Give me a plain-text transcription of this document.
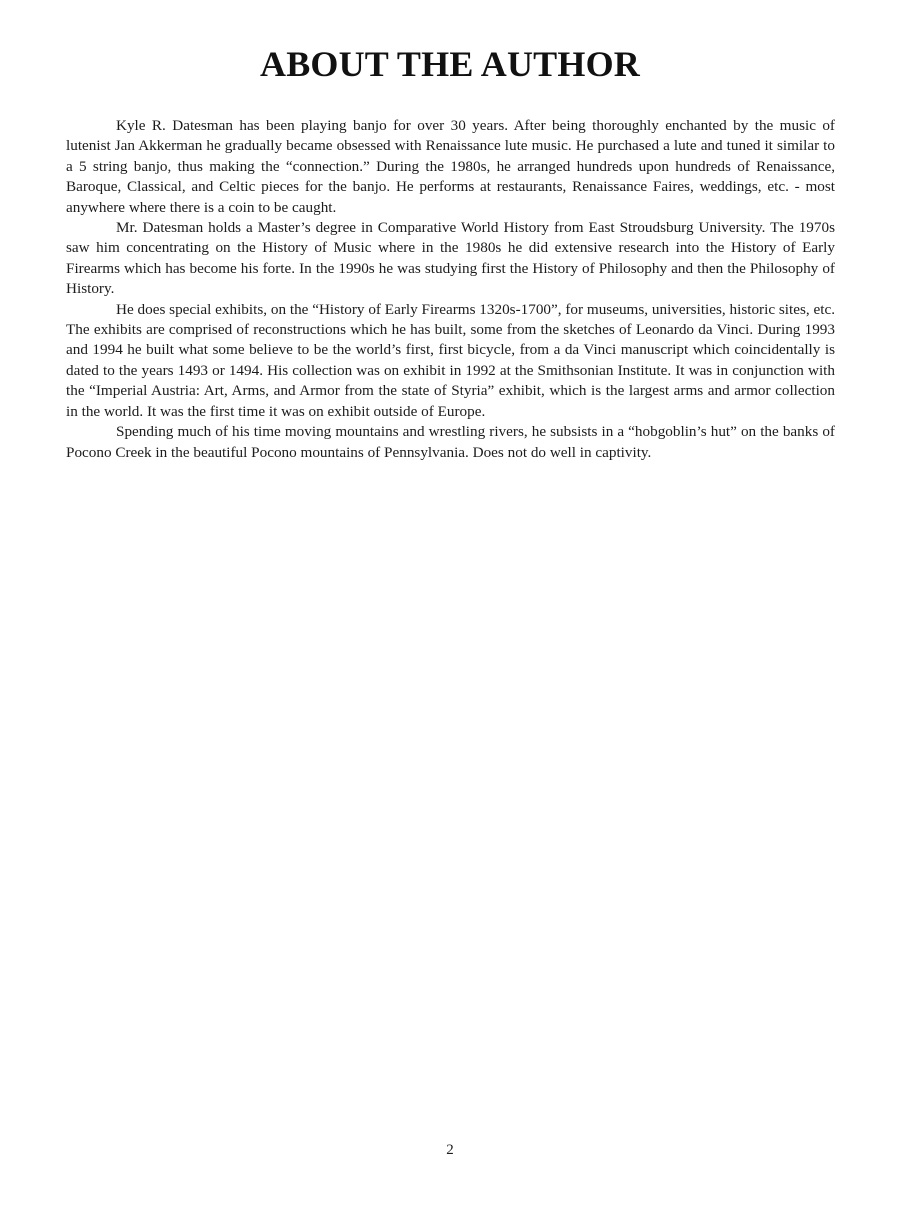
ABOUT THE AUTHOR

Kyle R. Datesman has been playing banjo for over 30 years. After being thoroughly enchanted by the music of lutenist Jan Akkerman he gradually became obsessed with Renaissance lute music. He purchased a lute and tuned it similar to a 5 string banjo, thus making the “connection.” During the 1980s, he arranged hundreds upon hundreds of Renaissance, Baroque, Classical, and Celtic pieces for the banjo. He performs at restaurants, Renaissance Faires, weddings, etc. - most anywhere where there is a coin to be caught.

Mr. Datesman holds a Master’s degree in Comparative World History from East Stroudsburg University. The 1970s saw him concentrating on the History of Music where in the 1980s he did extensive research into the History of Early Firearms which has become his forte. In the 1990s he was studying first the History of Philosophy and then the Philosophy of History.

He does special exhibits, on the “History of Early Firearms 1320s-1700”, for museums, universities, historic sites, etc. The exhibits are comprised of reconstructions which he has built, some from the sketches of Leonardo da Vinci. During 1993 and 1994 he built what some believe to be the world’s first, first bicycle, from a da Vinci manuscript which coincidentally is dated to the years 1493 or 1494. His collection was on exhibit in 1992 at the Smithsonian Institute. It was in conjunction with the “Imperial Austria: Art, Arms, and Armor from the state of Styria” exhibit, which is the largest arms and armor collection in the world. It was the first time it was on exhibit outside of Europe.

Spending much of his time moving mountains and wrestling rivers, he subsists in a “hobgoblin’s hut” on the banks of Pocono Creek in the beautiful Pocono mountains of Pennsylvania. Does not do well in captivity.

2
